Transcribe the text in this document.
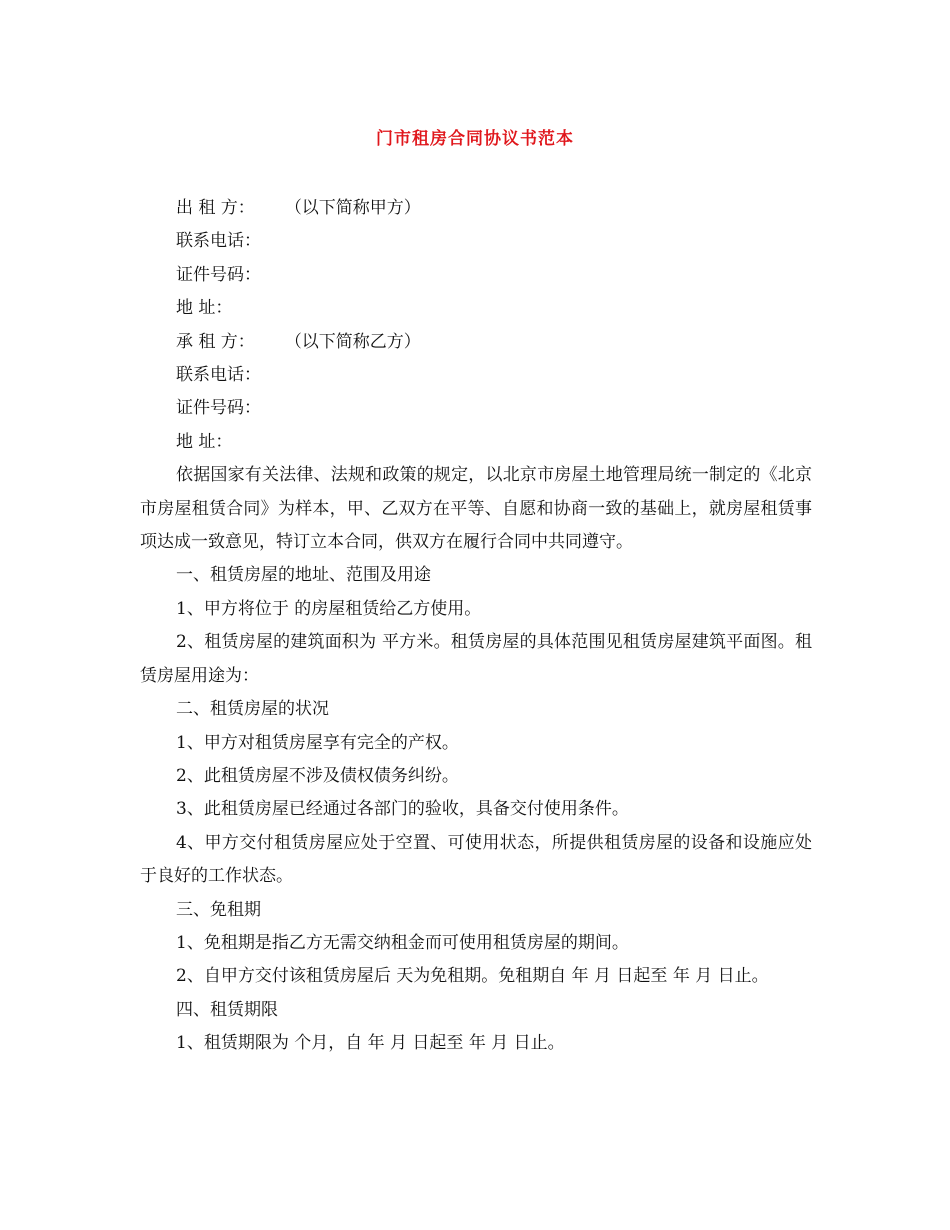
门市租房合同协议书范本
出 租 方： （以下简称甲方）
联系电话：
证件号码：
地 址：
承 租 方： （以下简称乙方）
联系电话：
证件号码：
地 址：
依据国家有关法律、法规和政策的规定，以北京市房屋土地管理局统一制定的《北京市房屋租赁合同》为样本，甲、乙双方在平等、自愿和协商一致的基础上，就房屋租赁事项达成一致意见，特订立本合同，供双方在履行合同中共同遵守。
一、租赁房屋的地址、范围及用途
1、甲方将位于 的房屋租赁给乙方使用。
2、租赁房屋的建筑面积为 平方米。租赁房屋的具体范围见租赁房屋建筑平面图。租赁房屋用途为：
二、租赁房屋的状况
1、甲方对租赁房屋享有完全的产权。
2、此租赁房屋不涉及债权债务纠纷。
3、此租赁房屋已经通过各部门的验收，具备交付使用条件。
4、甲方交付租赁房屋应处于空置、可使用状态，所提供租赁房屋的设备和设施应处于良好的工作状态。
三、免租期
1、免租期是指乙方无需交纳租金而可使用租赁房屋的期间。
2、自甲方交付该租赁房屋后 天为免租期。免租期自 年 月 日起至 年 月 日止。
四、租赁期限
1、租赁期限为 个月，自 年 月 日起至 年 月 日止。
